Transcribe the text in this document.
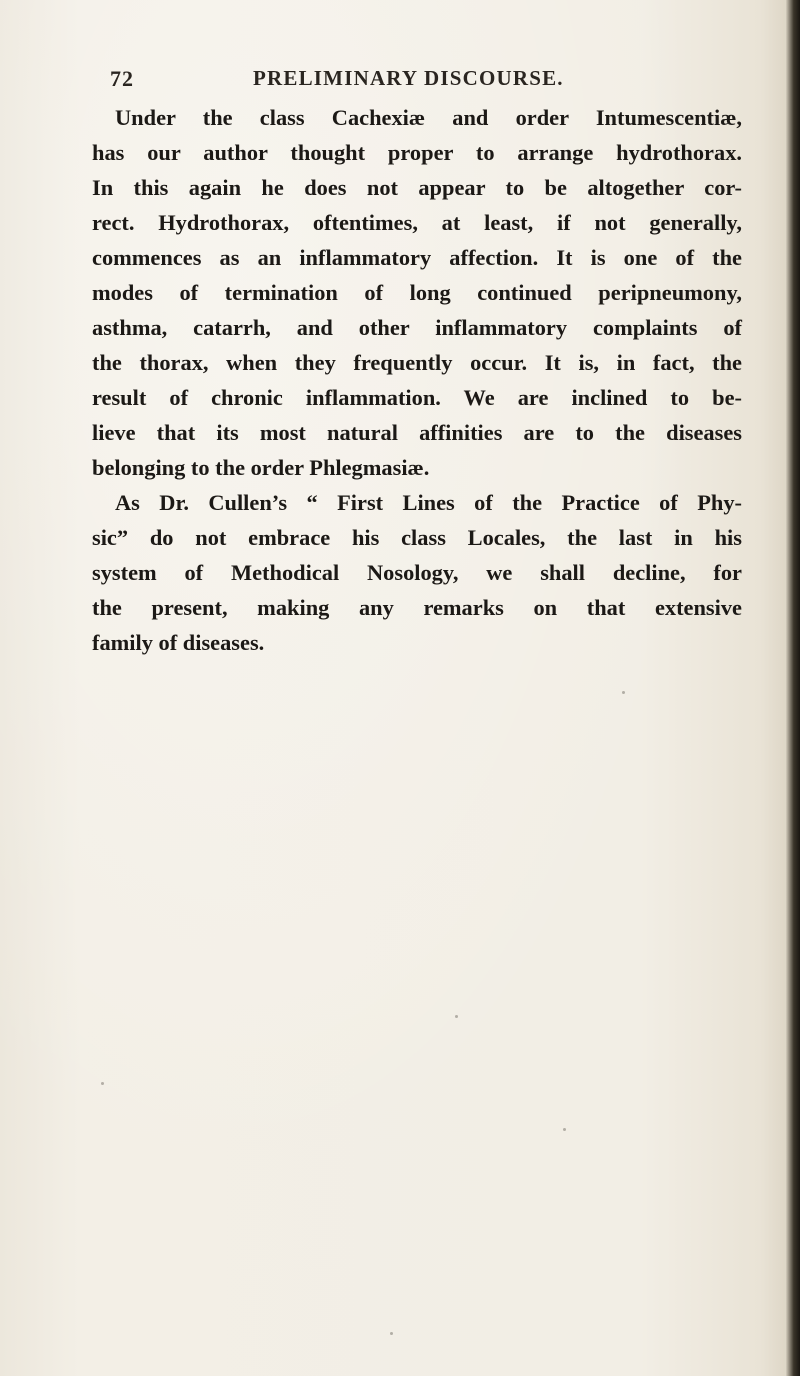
72	PRELIMINARY DISCOURSE.
Under the class Cachexiæ and order Intumescentiæ,
has our author thought proper to arrange hydrothorax.
In this again he does not appear to be altogether cor-
rect. Hydrothorax, oftentimes, at least, if not generally,
commences as an inflammatory affection. It is one of the
modes of termination of long continued peripneumony,
asthma, catarrh, and other inflammatory complaints of
the thorax, when they frequently occur. It is, in fact, the
result of chronic inflammation. We are inclined to be-
lieve that its most natural affinities are to the diseases
belonging to the order Phlegmasiæ.
As Dr. Cullen’s “ First Lines of the Practice of Phy-
sic” do not embrace his class Locales, the last in his
system of Methodical Nosology, we shall decline, for
the present, making any remarks on that extensive
family of diseases.
